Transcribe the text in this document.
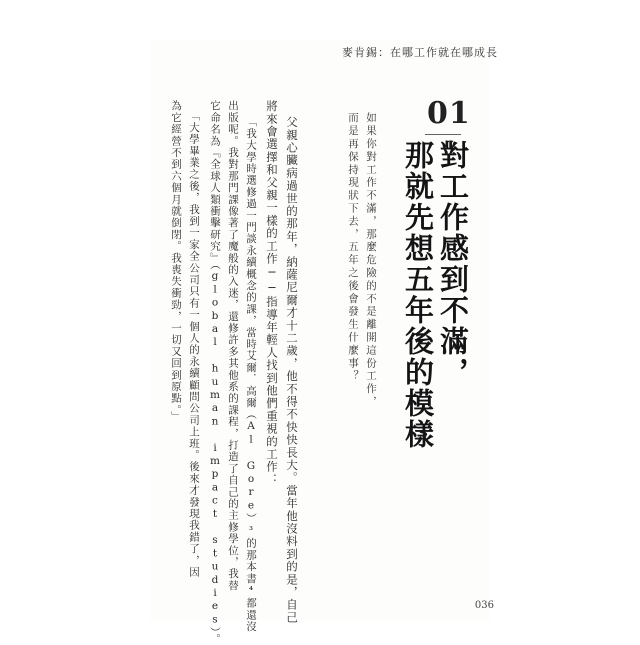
麥肯錫：在哪工作就在哪成長
01
對工作感到不滿，
那就先想五年後的模樣
如果你對工作不滿，那麼危險的不是離開這份工作，
而是再保持現狀下去，五年之後會發生什麼事？
父親心臟病過世的那年，納薩尼爾才十二歲，他不得不快快長大。當年他沒料到的是，自己
將來會選擇和父親一樣的工作──指導年輕人找到他們重視的工作：
「我大學時選修過一門談永續概念的課，當時艾爾．高爾（Al Gore）³的那本書⁴都還沒
出版呢。我對那門課像著了魔般的入迷，還修許多其他系的課程，打造了自己的主修學位，我替
它命名為『全球人類衝擊研究』（global human impact studies）。
「大學畢業之後，我到一家全公司只有一個人的永續顧問公司上班。後來才發現我錯了，因
為它經營不到六個月就倒閉。我喪失衝勁，一切又回到原點。」
036
